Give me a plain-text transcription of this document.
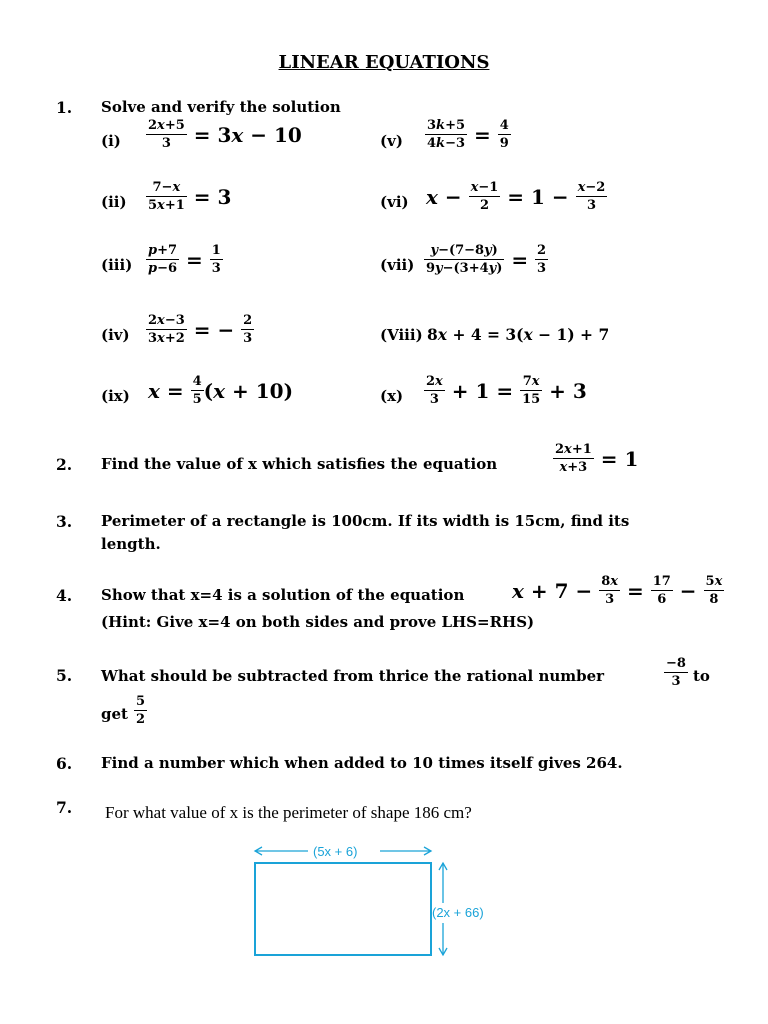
LINEAR EQUATIONS
1. Solve and verify the solution
$(i) \frac{2x+5}{3} = 3x - 10$
$(ii) \frac{7-x}{5x+1} = 3$
$(iii) \frac{p+7}{p-6} = \frac{1}{3}$
$(iv) \frac{2x-3}{3x+2}$ = − $\frac{2}{3}$
(ix) $x = \frac{4}{5} (x + 10)$
$(v) \frac{3k+5}{4k-3} = \frac{4}{9}$
(vi) $x - \frac{x-1}{2} = 1 - \frac{x-2}{3}$
$(vii) \frac{y-(7-8y)}{9y-(3+4y)} = \frac{2}{3}$
(Viii) 8x + 4 = 3(x − 1) + 7
$(x) \frac{2x}{3} + 1 = \frac{7x}{15} + 3$
2. Find the value of x which satisfies the equation	$\frac{2x+1}{x+3} = 1$
3. Perimeter of a rectangle is 100cm. If its width is 15cm, find its
length.
4. Show that x=4 is a solution of the equation $x + 7 - \frac{8x}{3} = \frac{17}{6} - \frac{5x}{8}$
(Hint: Give x=4 on both sides and prove LHS=RHS)
5. What should be subtracted from thrice the rational number	$\frac{-8}{3}$ to
get $\frac{5}{2}$
6. Find a number which when added to 10 times itself gives 264.
7. For what value of x is the perimeter of shape 186 cm?
(5x + 6)
(2x + 66)
